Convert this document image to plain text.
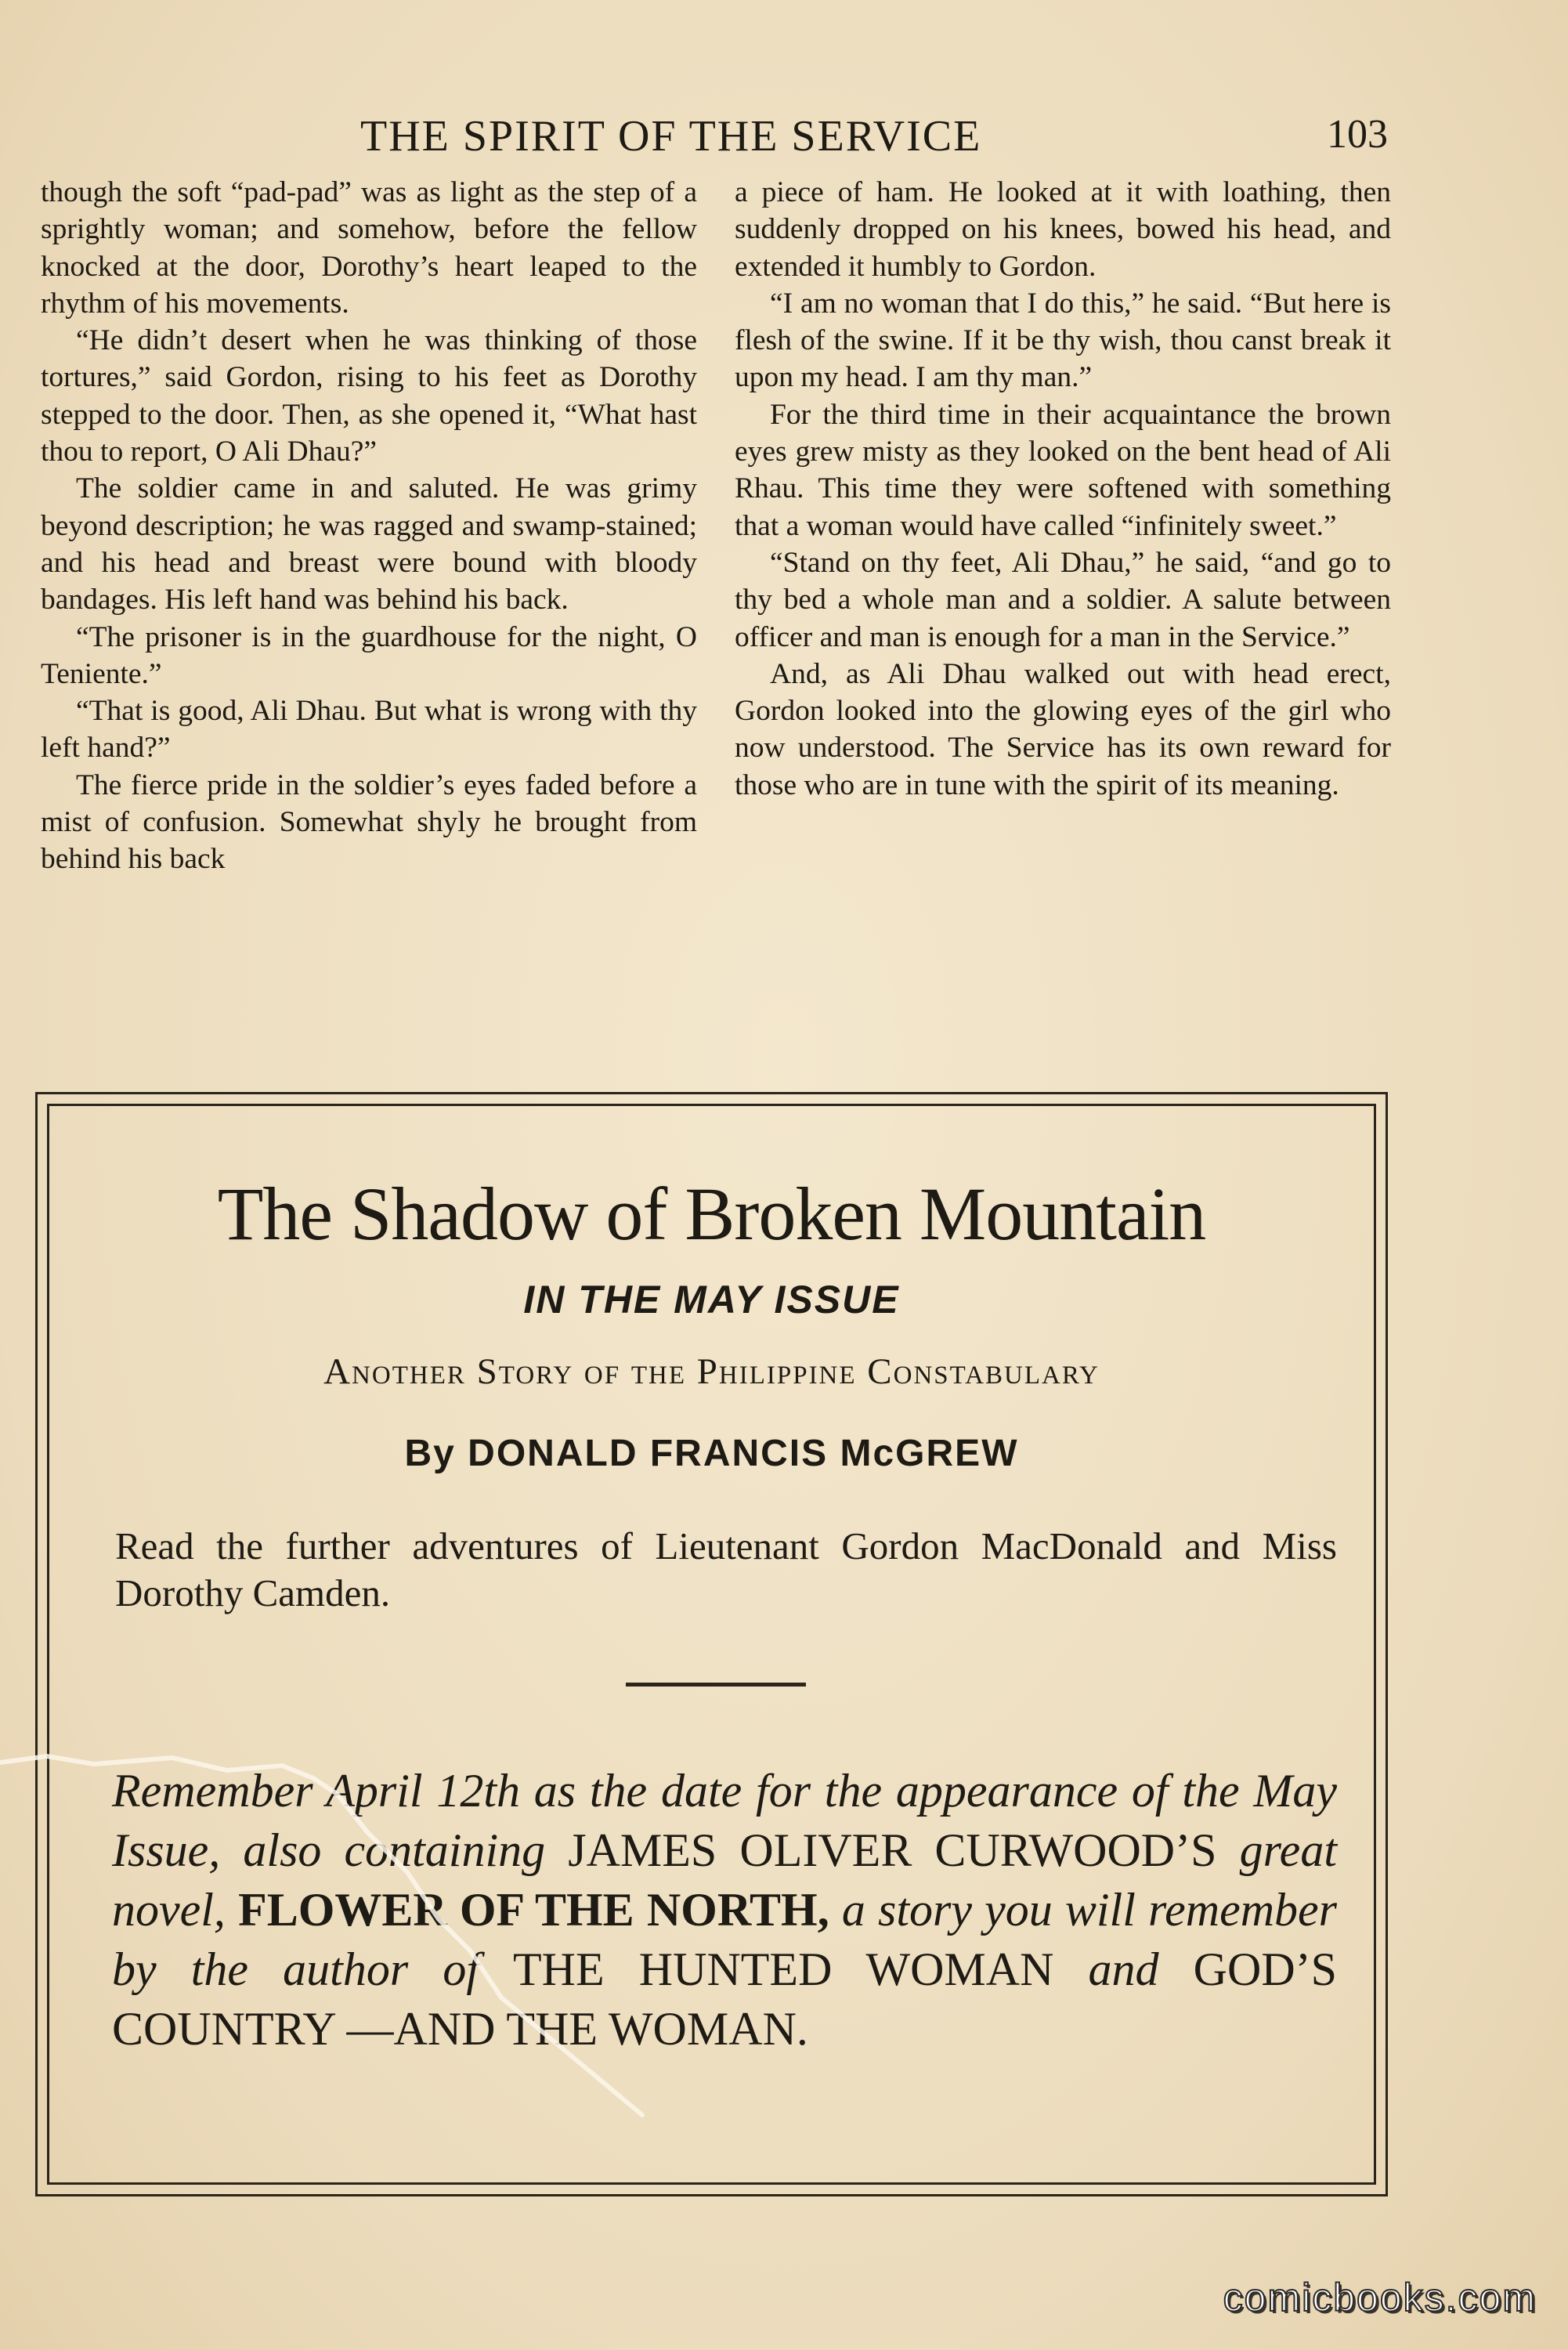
THE SPIRIT OF THE SERVICE	103

though the soft “pad-pad” was as light as the step of a sprightly woman; and somehow, before the fellow knocked at the door, Dorothy’s heart leaped to the rhythm of his movements.

“He didn’t desert when he was thinking of those tortures,” said Gordon, rising to his feet as Dorothy stepped to the door. Then, as she opened it, “What hast thou to report, O Ali Dhau?”

The soldier came in and saluted. He was grimy beyond description; he was ragged and swamp-stained; and his head and breast were bound with bloody bandages. His left hand was behind his back.

“The prisoner is in the guardhouse for the night, O Teniente.”

“That is good, Ali Dhau. But what is wrong with thy left hand?”

The fierce pride in the soldier’s eyes faded before a mist of confusion. Somewhat shyly he brought from behind his back

a piece of ham. He looked at it with loathing, then suddenly dropped on his knees, bowed his head, and extended it humbly to Gordon.

“I am no woman that I do this,” he said. “But here is flesh of the swine. If it be thy wish, thou canst break it upon my head. I am thy man.”

For the third time in their acquaintance the brown eyes grew misty as they looked on the bent head of Ali Rhau. This time they were softened with something that a woman would have called “infinitely sweet.”

“Stand on thy feet, Ali Dhau,” he said, “and go to thy bed a whole man and a soldier. A salute between officer and man is enough for a man in the Service.”

And, as Ali Dhau walked out with head erect, Gordon looked into the glowing eyes of the girl who now understood. The Service has its own reward for those who are in tune with the spirit of its meaning.

The Shadow of Broken Mountain
IN THE MAY ISSUE
Another Story of the Philippine Constabulary
By DONALD FRANCIS McGREW
Read the further adventures of Lieutenant Gordon MacDonald and Miss Dorothy Camden.
Remember April 12th as the date for the appearance of the May Issue, also containing JAMES OLIVER CURWOOD’S great novel, FLOWER OF THE NORTH, a story you will remember by the author of THE HUNTED WOMAN and GOD’S COUNTRY —AND THE WOMAN.
comicbooks.com
